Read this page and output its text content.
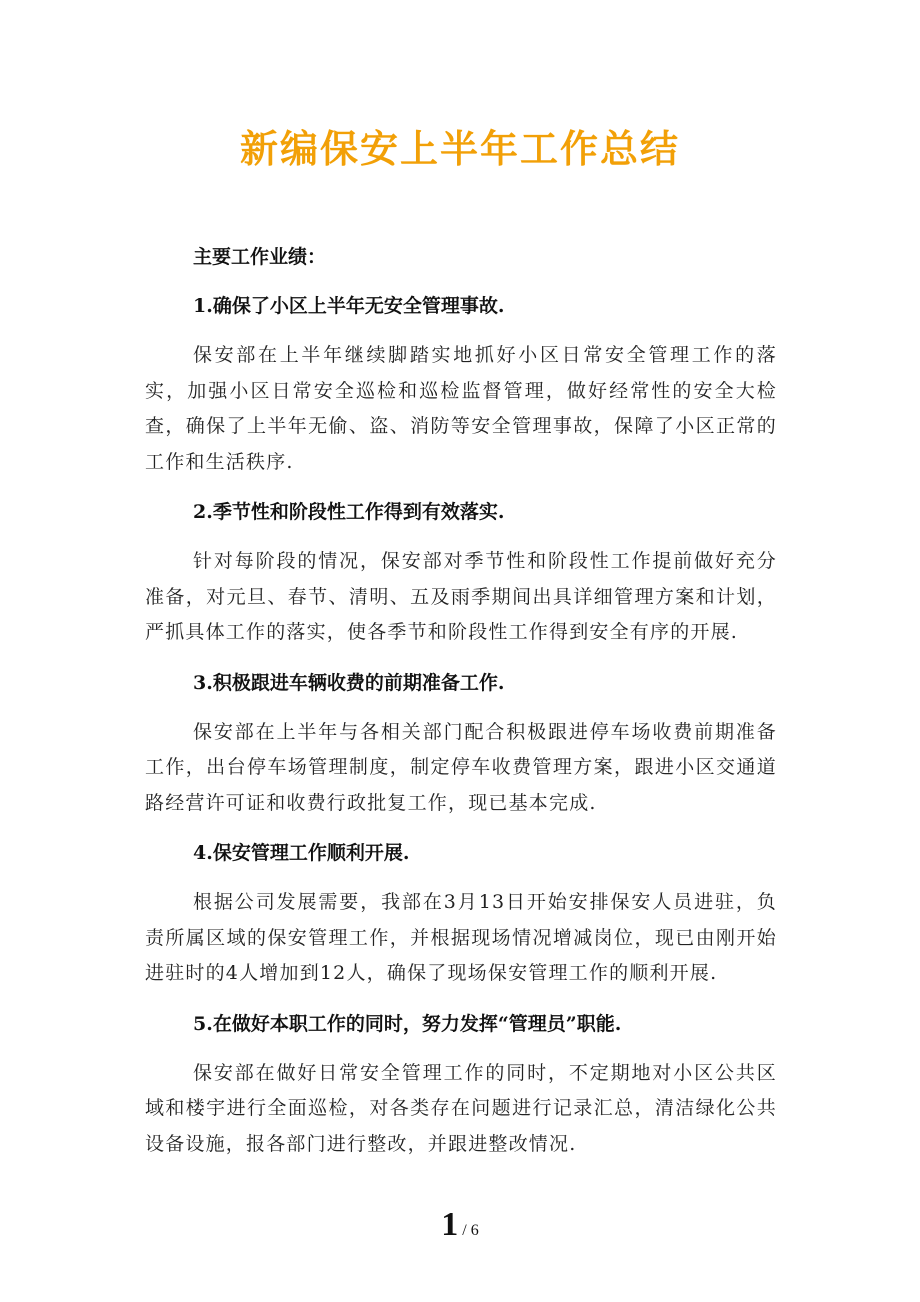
新编保安上半年工作总结
主要工作业绩：
1.确保了小区上半年无安全管理事故.
保安部在上半年继续脚踏实地抓好小区日常安全管理工作的落实，加强小区日常安全巡检和巡检监督管理，做好经常性的安全大检查，确保了上半年无偷、盗、消防等安全管理事故，保障了小区正常的工作和生活秩序.
2.季节性和阶段性工作得到有效落实.
针对每阶段的情况，保安部对季节性和阶段性工作提前做好充分准备，对元旦、春节、清明、五及雨季期间出具详细管理方案和计划，严抓具体工作的落实，使各季节和阶段性工作得到安全有序的开展.
3.积极跟进车辆收费的前期准备工作.
保安部在上半年与各相关部门配合积极跟进停车场收费前期准备工作，出台停车场管理制度，制定停车收费管理方案，跟进小区交通道路经营许可证和收费行政批复工作，现已基本完成.
4.保安管理工作顺利开展.
根据公司发展需要，我部在3月13日开始安排保安人员进驻，负责所属区域的保安管理工作，并根据现场情况增减岗位，现已由刚开始进驻时的4人增加到12人，确保了现场保安管理工作的顺利开展.
5.在做好本职工作的同时，努力发挥“管理员”职能.
保安部在做好日常安全管理工作的同时，不定期地对小区公共区域和楼宇进行全面巡检，对各类存在问题进行记录汇总，清洁绿化公共设备设施，报各部门进行整改，并跟进整改情况.
1 / 6
